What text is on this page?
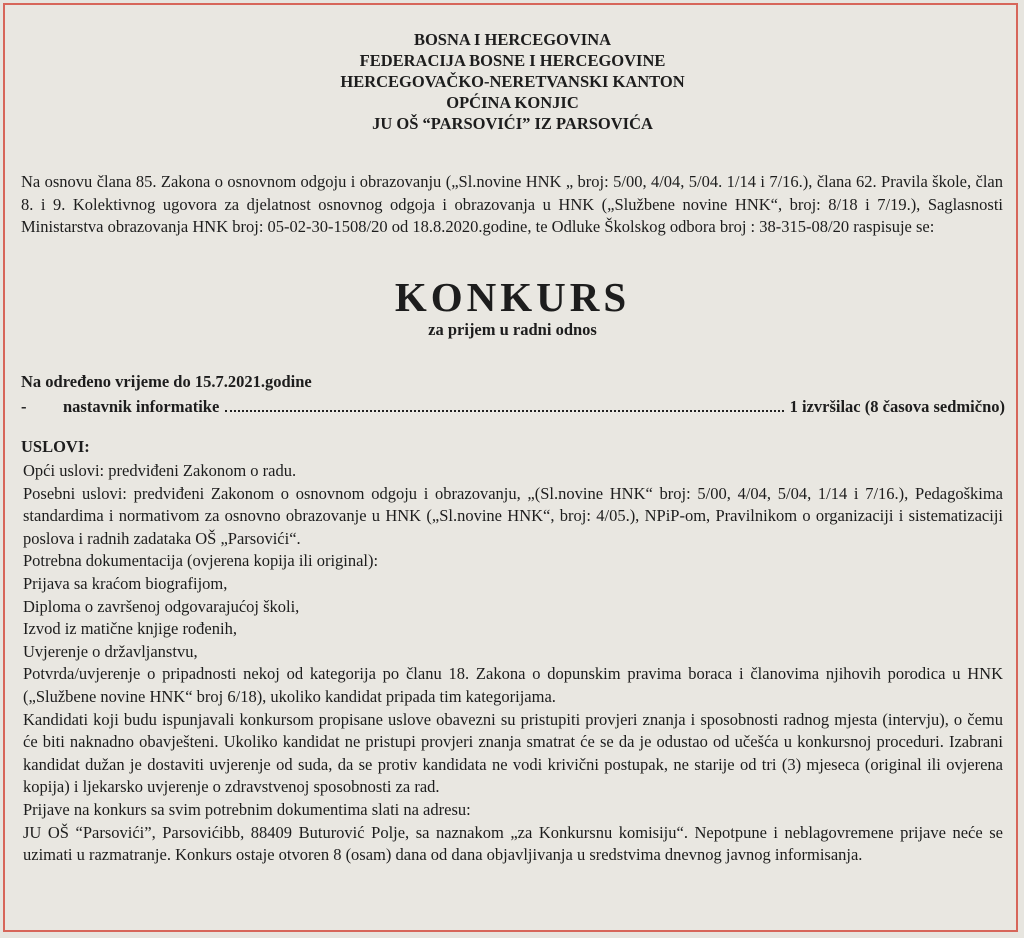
BOSNA I HERCEGOVINA
FEDERACIJA BOSNE I HERCEGOVINE
HERCEGOVAČKO-NERETVANSKI KANTON
OPĆINA KONJIC
JU OŠ “PARSOVIĆI” IZ PARSOVIĆA
Na osnovu člana 85. Zakona o osnovnom odgoju i obrazovanju („Sl.novine HNK „ broj: 5/00, 4/04, 5/04. 1/14 i 7/16.), člana 62. Pravila škole, član 8. i 9. Kolektivnog ugovora za djelatnost osnovnog odgoja i obrazovanja u HNK („Službene novine HNK“, broj: 8/18 i 7/19.), Saglasnosti Ministarstva obrazovanja HNK broj: 05-02-30-1508/20 od 18.8.2020.godine, te Odluke Školskog odbora broj : 38-315-08/20 raspisuje se:
KONKURS
za prijem u radni odnos
Na određeno vrijeme do 15.7.2021.godine
-	nastavnik informatike	1 izvršilac (8 časova sedmično)
USLOVI:

Opći uslovi: predviđeni Zakonom o radu.

Posebni uslovi: predviđeni Zakonom o osnovnom odgoju i obrazovanju, „(Sl.novine HNK“ broj: 5/00, 4/04, 5/04, 1/14 i 7/16.), Pedagoškima standardima i normativom za osnovno obrazovanje u HNK („Sl.novine HNK“, broj: 4/05.), NPiP-om, Pravilnikom o organizaciji i sistematizaciji poslova i radnih zadataka OŠ „Parsovići“.

Potrebna dokumentacija (ovjerena kopija ili original):

Prijava sa kraćom biografijom,

Diploma o završenoj odgovarajućoj školi,

Izvod iz matične knjige rođenih,

Uvjerenje o državljanstvu,

Potvrda/uvjerenje o pripadnosti nekoj od kategorija po članu 18. Zakona o dopunskim pravima boraca i članovima njihovih porodica u HNK („Službene novine HNK“ broj 6/18), ukoliko kandidat pripada tim kategorijama.

Kandidati koji budu ispunjavali konkursom propisane uslove obavezni su pristupiti provjeri znanja i sposobnosti radnog mjesta (intervju), o čemu će biti naknadno obavješteni. Ukoliko kandidat ne pristupi provjeri znanja smatrat će se da je odustao od učešća u konkursnoj proceduri. Izabrani kandidat dužan je dostaviti uvjerenje od suda, da se protiv kandidata ne vodi krivični postupak, ne starije od tri (3) mjeseca (original ili ovjerena kopija) i ljekarsko uvjerenje o zdravstvenoj sposobnosti za rad.

Prijave na konkurs sa svim potrebnim dokumentima slati na adresu:

JU OŠ “Parsovići”, Parsovićibb, 88409 Buturović Polje, sa naznakom „za Konkursnu komisiju“. Nepotpune i neblagovremene prijave neće se uzimati u razmatranje. Konkurs ostaje otvoren 8 (osam) dana od dana objavljivanja u sredstvima dnevnog javnog informisanja.
